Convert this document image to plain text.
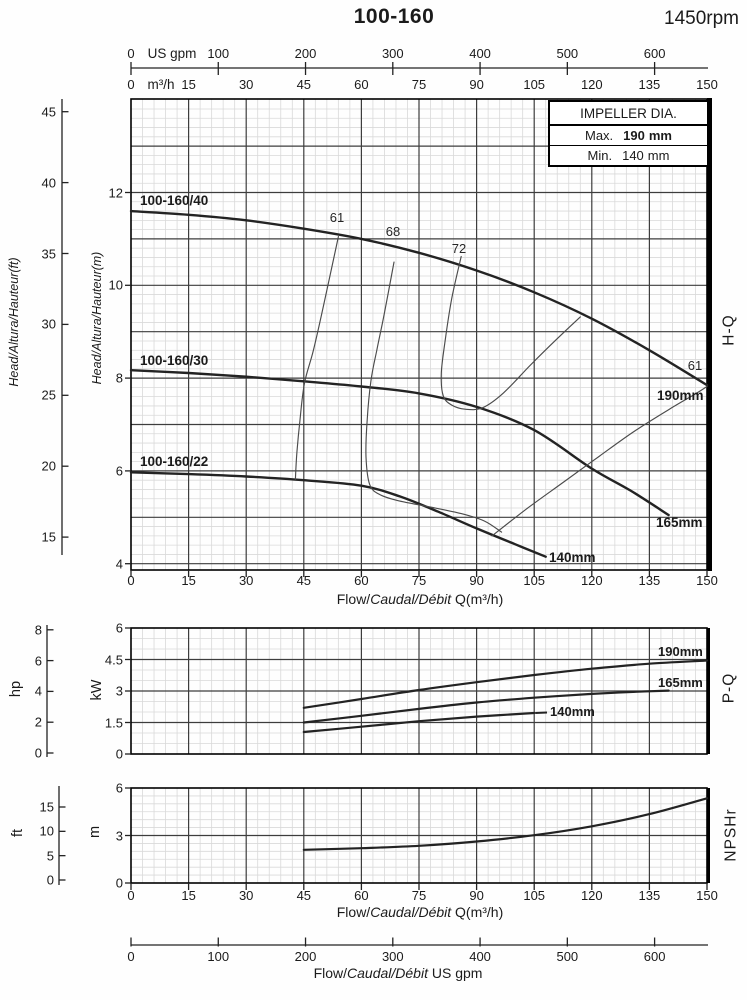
100-160	1450rpm
US gpm
m³/h
IMPELLER DIA.
Max. 190 mm
Min. 140 mm
100-160/40
100-160/30
100-160/22
61
68
72
61
190mm
165mm
140mm
Head/Altura/Hauteur(ft)	Head/Altura/Hauteur(m)	H-Q
hp	kW	P-Q
ft	m	NPSHr
Flow/Caudal/Débit Q(m³/h)
Flow/Caudal/Débit Q(m³/h)
Flow/Caudal/Débit US gpm
190mm
165mm
140mm
0	100	200	300	400	500	600
0	15	30	45	60	75	90	105	120	135	150
0	15	30	45	60	75	90	105	120	135	150
45
40
35
30
25
20
15
12
10
8
6
4
8
6
4
2
0
6
4.5
3
1.5
0
15
10
5
0
6
3
0
0	15	30	45	60	75	90	105	120	135	150
0	100	200	300	400	500	600
